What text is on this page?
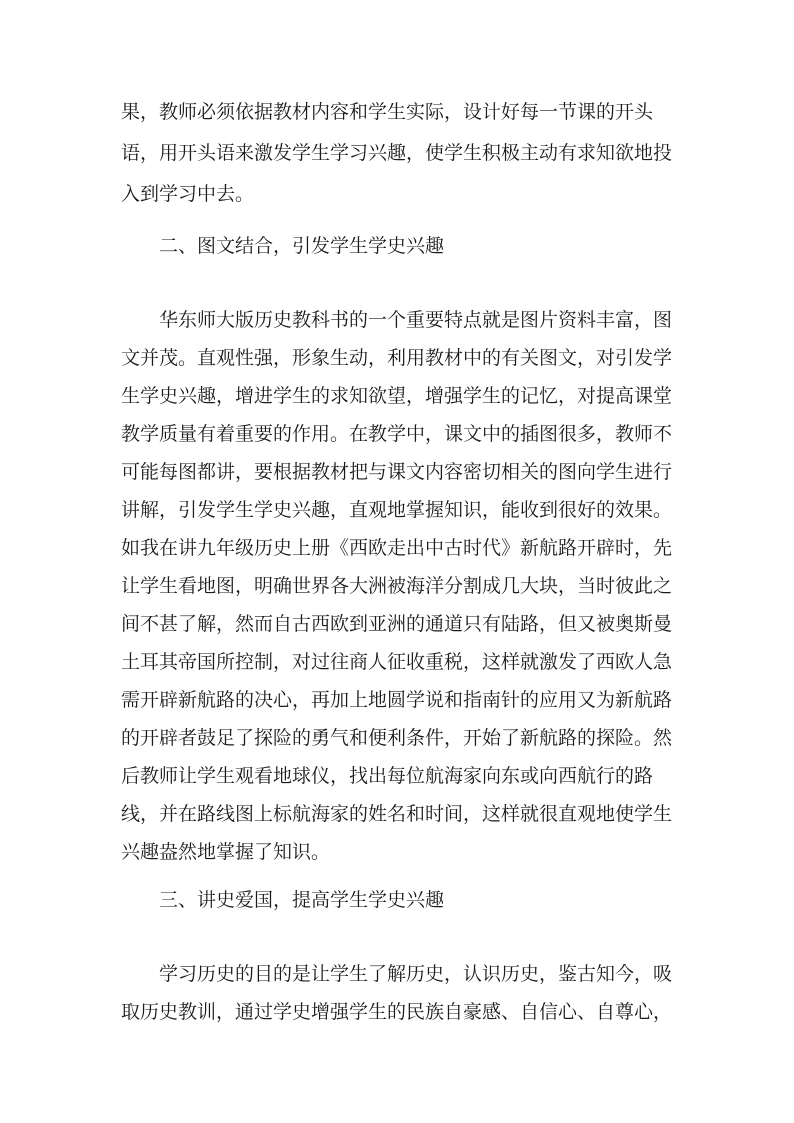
果，教师必须依据教材内容和学生实际，设计好每一节课的开头
语，用开头语来激发学生学习兴趣，使学生积极主动有求知欲地投
入到学习中去。
二、图文结合，引发学生学史兴趣
华东师大版历史教科书的一个重要特点就是图片资料丰富，图
文并茂。直观性强，形象生动，利用教材中的有关图文，对引发学
生学史兴趣，增进学生的求知欲望，增强学生的记忆，对提高课堂
教学质量有着重要的作用。在教学中，课文中的插图很多，教师不
可能每图都讲，要根据教材把与课文内容密切相关的图向学生进行
讲解，引发学生学史兴趣，直观地掌握知识，能收到很好的效果。
如我在讲九年级历史上册《西欧走出中古时代》新航路开辟时，先
让学生看地图，明确世界各大洲被海洋分割成几大块，当时彼此之
间不甚了解，然而自古西欧到亚洲的通道只有陆路，但又被奥斯曼
土耳其帝国所控制，对过往商人征收重税，这样就激发了西欧人急
需开辟新航路的决心，再加上地圆学说和指南针的应用又为新航路
的开辟者鼓足了探险的勇气和便利条件，开始了新航路的探险。然
后教师让学生观看地球仪，找出每位航海家向东或向西航行的路
线，并在路线图上标航海家的姓名和时间，这样就很直观地使学生
兴趣盎然地掌握了知识。
三、讲史爱国，提高学生学史兴趣
学习历史的目的是让学生了解历史，认识历史，鉴古知今，吸
取历史教训，通过学史增强学生的民族自豪感、自信心、自尊心，
